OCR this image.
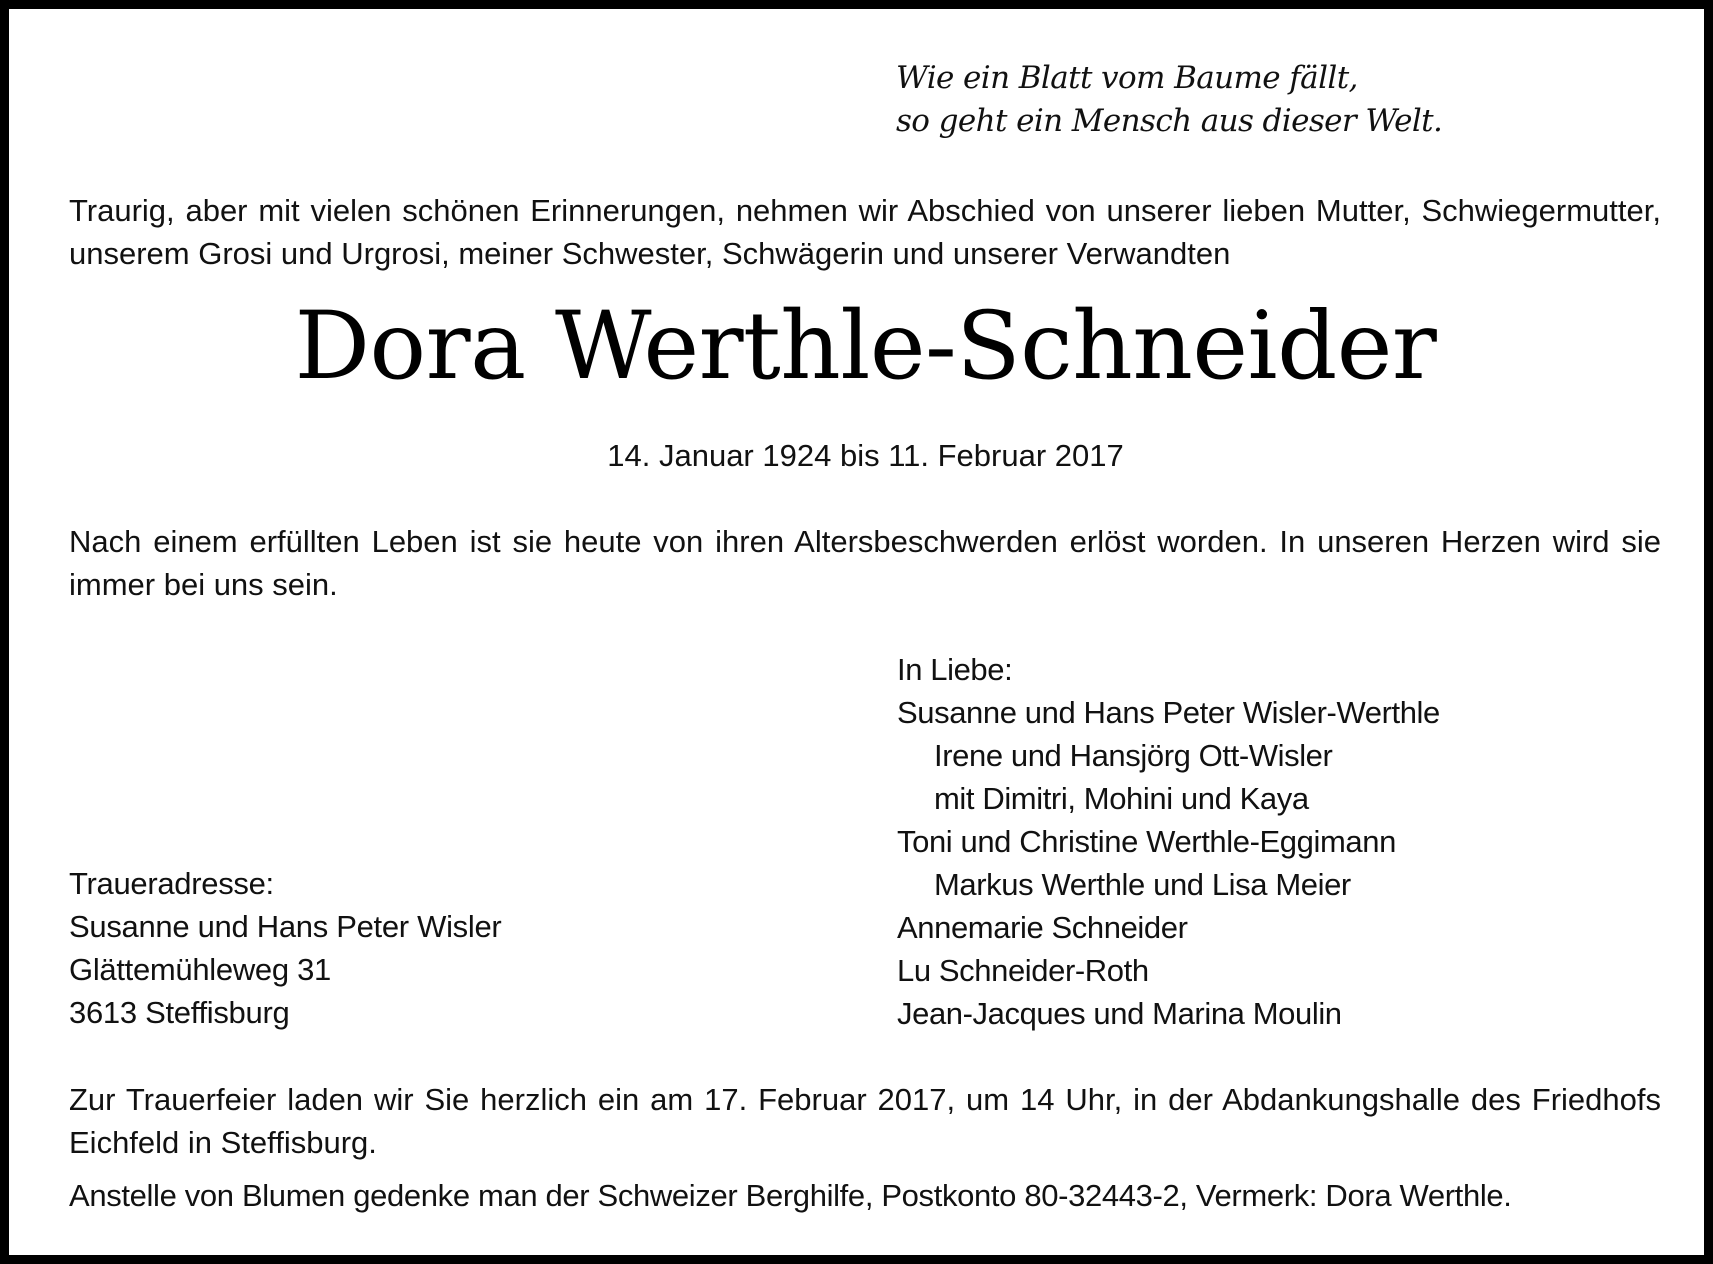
Wie ein Blatt vom Baume fällt,
so geht ein Mensch aus dieser Welt.
Traurig, aber mit vielen schönen Erinnerungen, nehmen wir Abschied von unserer lieben Mutter, Schwiegermutter, unserem Grosi und Urgrosi, meiner Schwester, Schwägerin und unserer Verwandten
Dora Werthle-Schneider
14. Januar 1924 bis 11. Februar 2017
Nach einem erfüllten Leben ist sie heute von ihren Altersbeschwerden erlöst worden. In unseren Herzen wird sie immer bei uns sein.
In Liebe:
Susanne und Hans Peter Wisler-Werthle
Irene und Hansjörg Ott-Wisler
mit Dimitri, Mohini und Kaya
Toni und Christine Werthle-Eggimann
Markus Werthle und Lisa Meier
Annemarie Schneider
Lu Schneider-Roth
Jean-Jacques und Marina Moulin
Traueradresse:
Susanne und Hans Peter Wisler
Glättemühleweg 31
3613 Steffisburg
Zur Trauerfeier laden wir Sie herzlich ein am 17. Februar 2017, um 14 Uhr, in der Abdankungshalle des Friedhofs Eichfeld in Steffisburg.
Anstelle von Blumen gedenke man der Schweizer Berghilfe, Postkonto 80-32443-2, Vermerk: Dora Werthle.
